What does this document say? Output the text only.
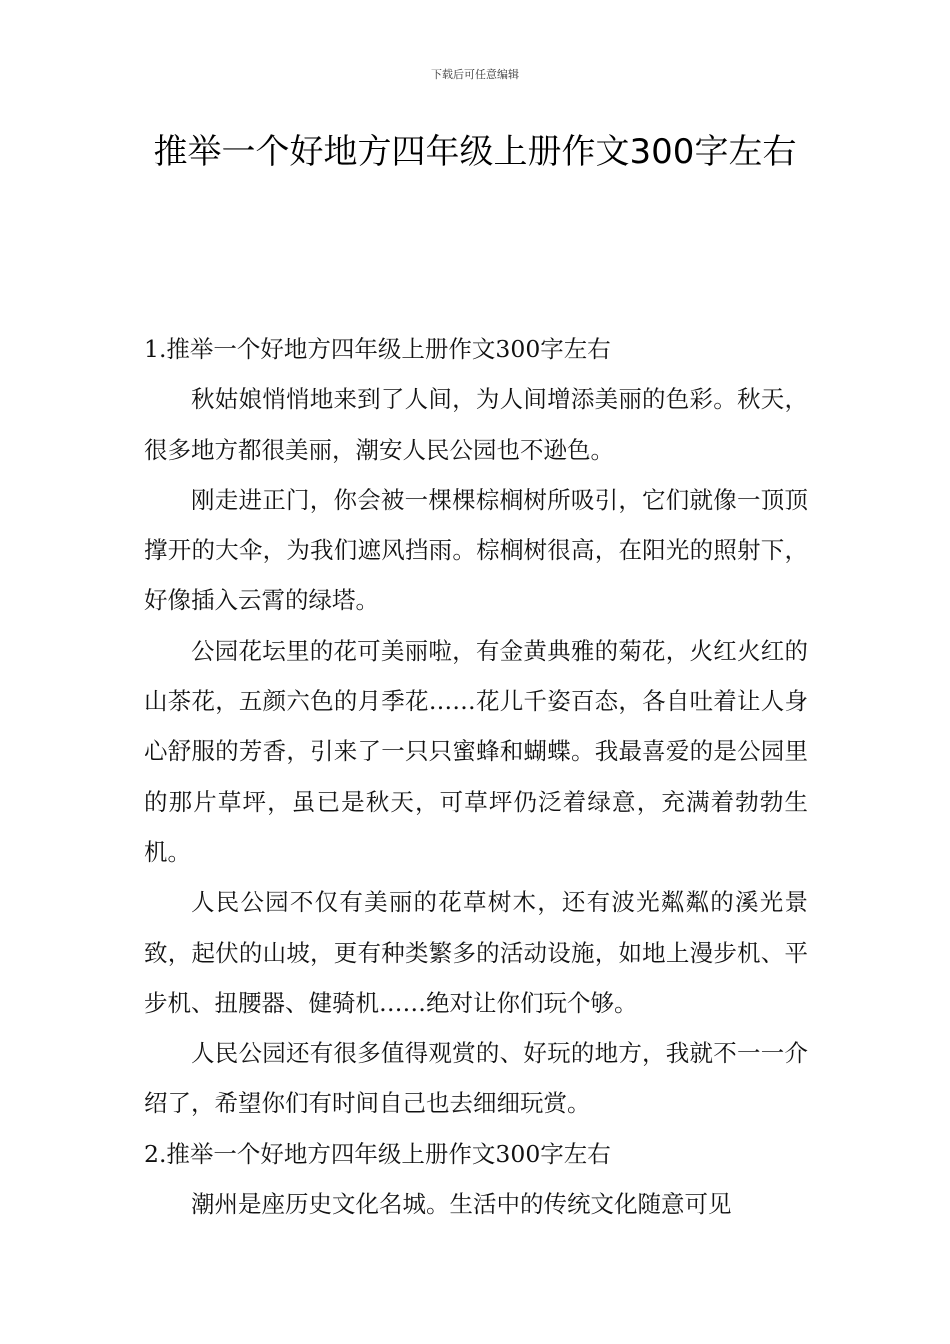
下载后可任意编辑
推举一个好地方四年级上册作文300字左右

1.推举一个好地方四年级上册作文300字左右

秋姑娘悄悄地来到了人间，为人间增添美丽的色彩。秋天，很多地方都很美丽，潮安人民公园也不逊色。

刚走进正门，你会被一棵棵棕榈树所吸引，它们就像一顶顶撑开的大伞，为我们遮风挡雨。棕榈树很高，在阳光的照射下，好像插入云霄的绿塔。

公园花坛里的花可美丽啦，有金黄典雅的菊花，火红火红的山茶花，五颜六色的月季花……花儿千姿百态，各自吐着让人身心舒服的芳香，引来了一只只蜜蜂和蝴蝶。我最喜爱的是公园里的那片草坪，虽已是秋天，可草坪仍泛着绿意，充满着勃勃生机。

人民公园不仅有美丽的花草树木，还有波光粼粼的溪光景致，起伏的山坡，更有种类繁多的活动设施，如地上漫步机、平步机、扭腰器、健骑机……绝对让你们玩个够。

人民公园还有很多值得观赏的、好玩的地方，我就不一一介绍了，希望你们有时间自己也去细细玩赏。

2.推举一个好地方四年级上册作文300字左右

潮州是座历史文化名城。生活中的传统文化随意可见
